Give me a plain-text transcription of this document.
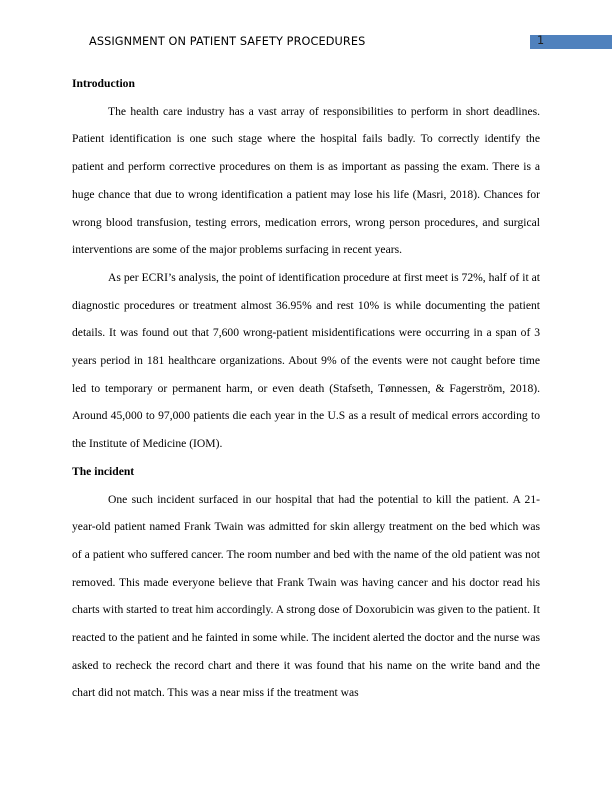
ASSIGNMENT ON PATIENT SAFETY PROCEDURES	1

Introduction

The health care industry has a vast array of responsibilities to perform in short deadlines. Patient identification is one such stage where the hospital fails badly. To correctly identify the patient and perform corrective procedures on them is as important as passing the exam. There is a huge chance that due to wrong identification a patient may lose his life (Masri, 2018). Chances for wrong blood transfusion, testing errors, medication errors, wrong person procedures, and surgical interventions are some of the major problems surfacing in recent years.

As per ECRI’s analysis, the point of identification procedure at first meet is 72%, half of it at diagnostic procedures or treatment almost 36.95% and rest 10% is while documenting the patient details. It was found out that 7,600 wrong-patient misidentifications were occurring in a span of 3 years period in 181 healthcare organizations. About 9% of the events were not caught before time led to temporary or permanent harm, or even death (Stafseth, Tønnessen, & Fagerström, 2018). Around 45,000 to 97,000 patients die each year in the U.S as a result of medical errors according to the Institute of Medicine (IOM).

The incident

One such incident surfaced in our hospital that had the potential to kill the patient. A 21-year-old patient named Frank Twain was admitted for skin allergy treatment on the bed which was of a patient who suffered cancer. The room number and bed with the name of the old patient was not removed. This made everyone believe that Frank Twain was having cancer and his doctor read his charts with started to treat him accordingly. A strong dose of Doxorubicin was given to the patient. It reacted to the patient and he fainted in some while. The incident alerted the doctor and the nurse was asked to recheck the record chart and there it was found that his name on the write band and the chart did not match. This was a near miss if the treatment was
